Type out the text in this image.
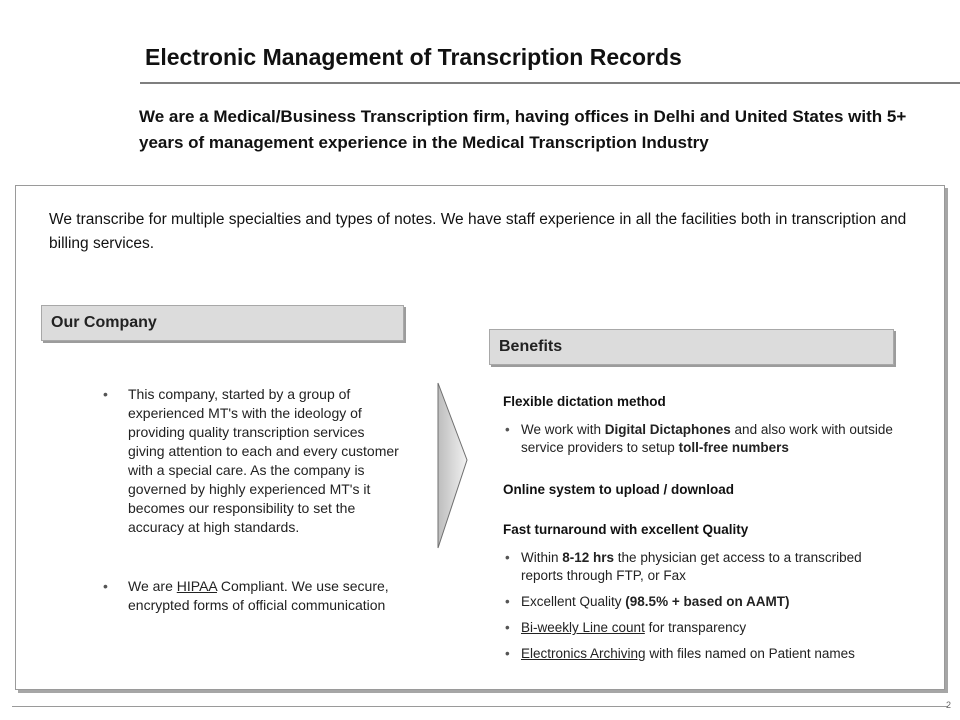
Electronic Management of Transcription Records
We are a Medical/Business Transcription firm, having offices in Delhi and United States with 5+ years of management experience in the Medical Transcription Industry
We transcribe for multiple specialties and types of notes. We have staff experience in all the facilities both in transcription and billing services.
Our Company
• This company, started by a group of experienced MT's with the ideology of providing quality transcription services giving attention to each and every customer with a special care. As the company is governed by highly experienced MT's it becomes our responsibility to set the accuracy at high standards.
• We are HIPAA Compliant. We use secure, encrypted forms of official communication
Benefits
Flexible dictation method
• We work with Digital Dictaphones and also work with outside service providers to setup toll-free numbers
Online system to upload / download
Fast turnaround with excellent Quality
• Within 8-12 hrs the physician get access to a transcribed reports through FTP, or Fax
• Excellent Quality (98.5% + based on AAMT)
• Bi-weekly Line count for transparency
• Electronics Archiving with files named on Patient names
2
